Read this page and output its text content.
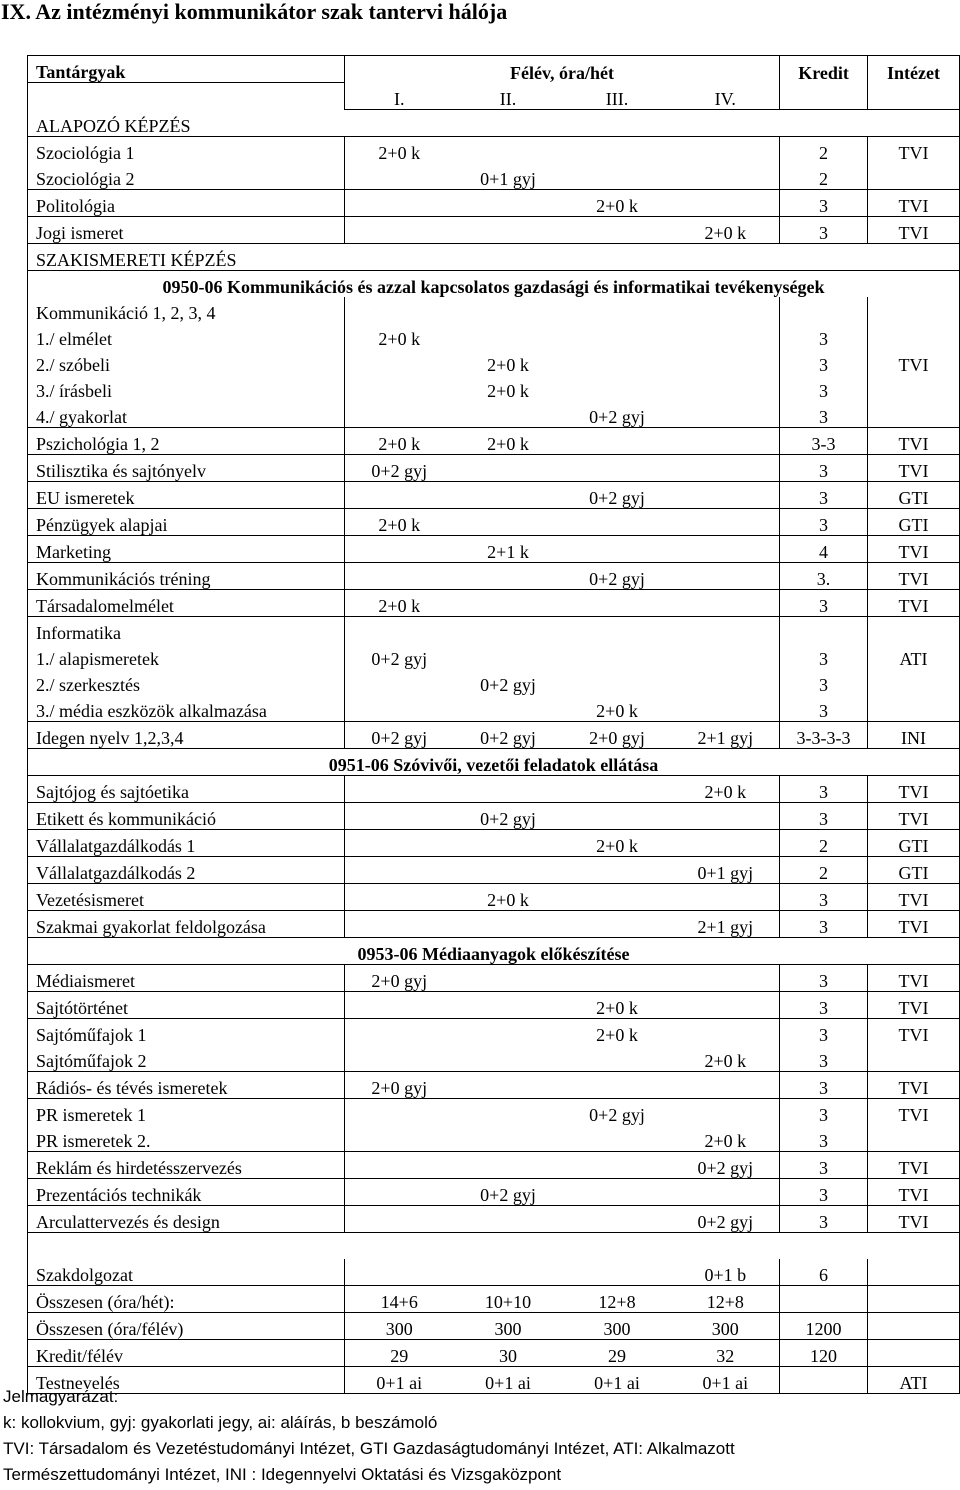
IX. Az intézményi kommunikátor szak tantervi hálója
Tantárgyak	Félév, óra/hét				Kredit	Intézet
	I.	II.	III.	IV.		
ALAPOZÓ KÉPZÉS						
Szociológia 1	2+0 k				2	TVI
Szociológia 2		0+1 gyj			2	
Politológia			2+0 k		3	TVI
Jogi ismeret				2+0 k	3	TVI
SZAKISMERETI KÉPZÉS						
0950-06 Kommunikációs és azzal kapcsolatos gazdasági és informatikai tevékenységek						
Kommunikáció 1, 2, 3, 4						
1./ elmélet	2+0 k				3	
2./ szóbeli		2+0 k			3	TVI
3./ írásbeli		2+0 k			3	
4./ gyakorlat			0+2 gyj		3	
Pszichológia 1, 2	2+0 k	2+0 k			3-3	TVI
Stilisztika és sajtónyelv	0+2 gyj				3	TVI
EU ismeretek			0+2 gyj		3	GTI
Pénzügyek alapjai	2+0 k				3	GTI
Marketing		2+1 k			4	TVI
Kommunikációs tréning			0+2 gyj		3.	TVI
Társadalomelmélet	2+0 k				3	TVI
Informatika						
1./ alapismeretek	0+2 gyj				3	ATI
2./ szerkesztés		0+2 gyj			3	
3./ média eszközök alkalmazása			2+0 k		3	
Idegen nyelv 1,2,3,4	0+2 gyj	0+2 gyj	2+0 gyj	2+1 gyj	3-3-3-3	INI
0951-06 Szóvivői, vezetői feladatok ellátása						
Sajtójog és sajtóetika				2+0 k	3	TVI
Etikett és kommunikáció		0+2 gyj			3	TVI
Vállalatgazdálkodás 1			2+0 k		2	GTI
Vállalatgazdálkodás 2				0+1 gyj	2	GTI
Vezetésismeret		2+0 k			3	TVI
Szakmai gyakorlat feldolgozása				2+1 gyj	3	TVI
0953-06 Médiaanyagok előkészítése						
Médiaismeret	2+0 gyj				3	TVI
Sajtótörténet			2+0 k		3	TVI
Sajtóműfajok 1			2+0 k		3	TVI
Sajtóműfajok 2				2+0 k	3	
Rádiós- és tévés ismeretek	2+0 gyj				3	TVI
PR ismeretek 1			0+2 gyj		3	TVI
PR ismeretek 2.				2+0 k	3	
Reklám és hirdetésszervezés				0+2 gyj	3	TVI
Prezentációs technikák		0+2 gyj			3	TVI
Arculattervezés és design				0+2 gyj	3	TVI

Szakdolgozat				0+1 b	6	
Összesen (óra/hét):	14+6	10+10	12+8	12+8		
Összesen (óra/félév)	300	300	300	300	1200	
Kredit/félév	29	30	29	32	120	
Testnevelés	0+1 ai	0+1 ai	0+1 ai	0+1 ai		ATI
Jelmagyarázat:
k: kollokvium, gyj: gyakorlati jegy, ai: aláírás, b beszámoló
TVI: Társadalom és Vezetéstudományi Intézet, GTI Gazdaságtudományi Intézet, ATI: Alkalmazott
Természettudományi Intézet, INI : Idegennyelvi Oktatási és Vizsgaközpont
